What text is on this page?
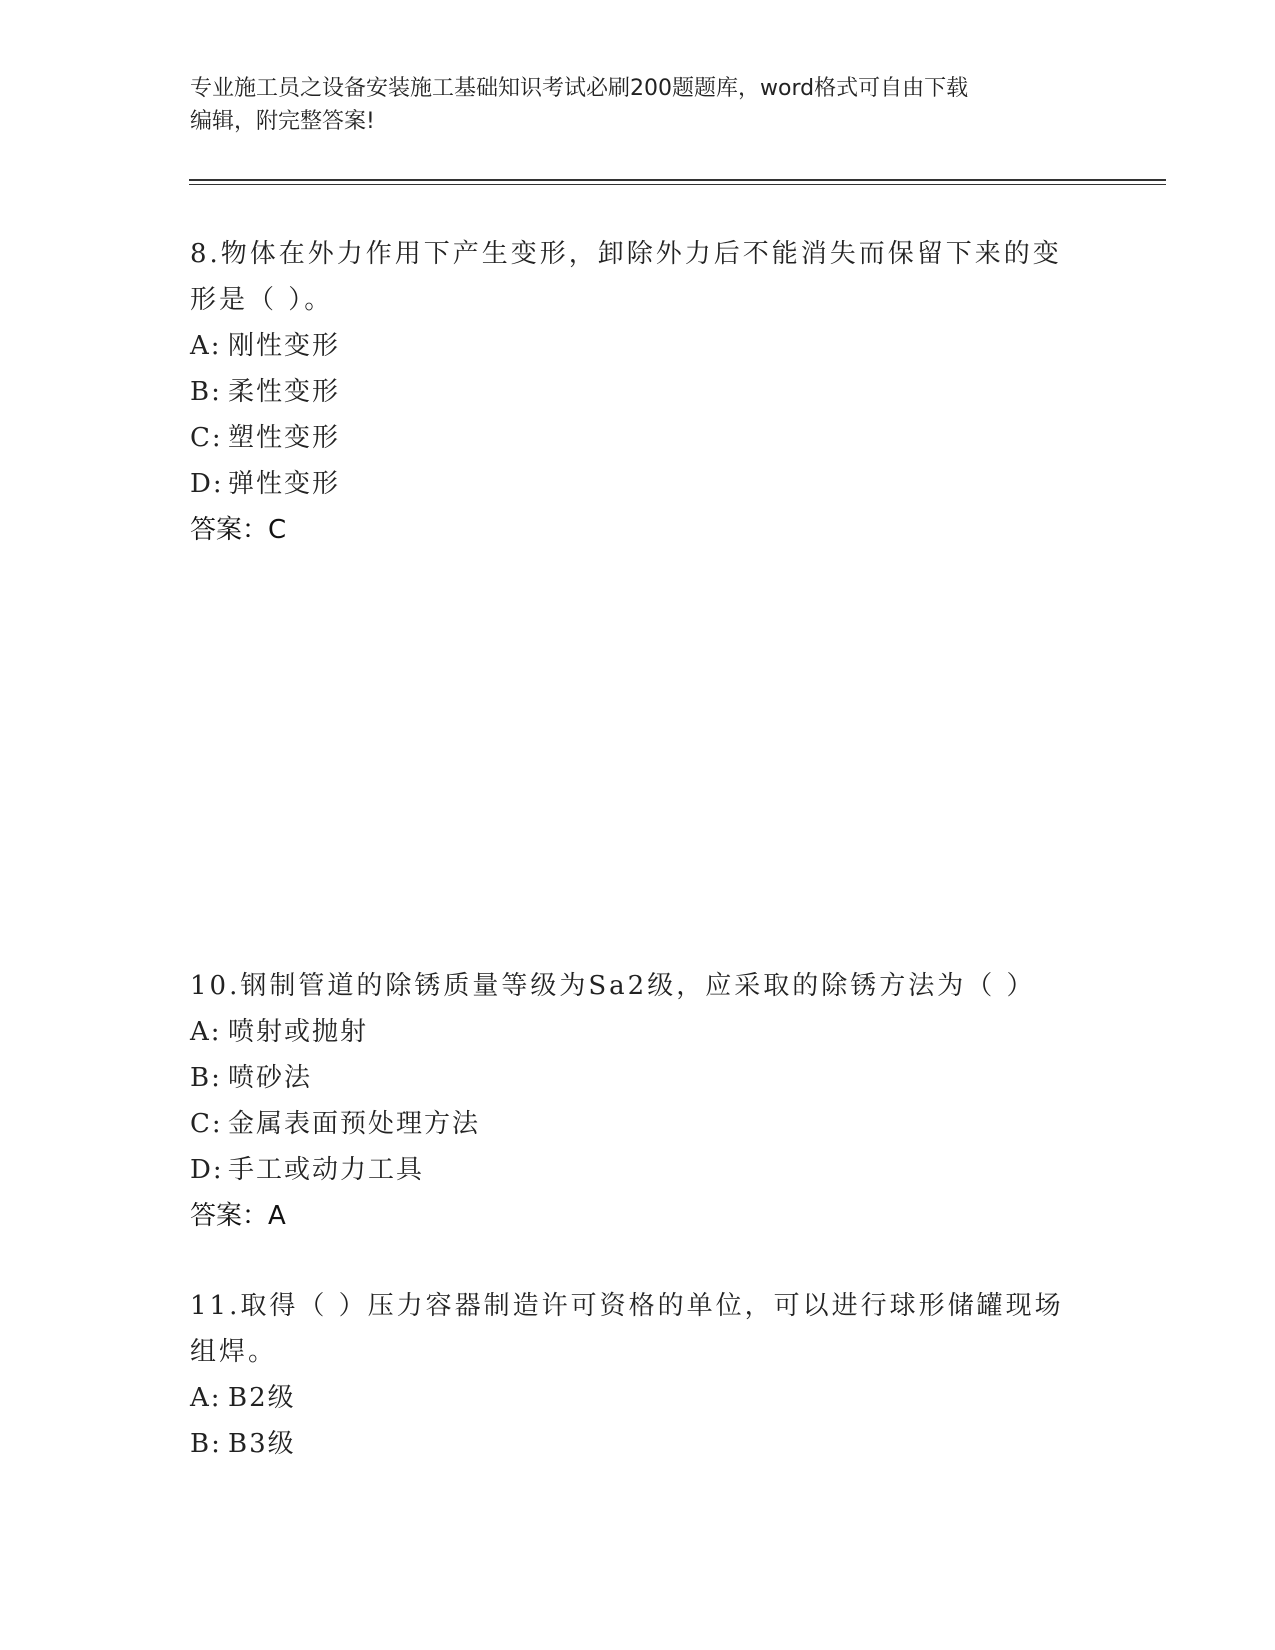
专业施工员之设备安装施工基础知识考试必刷200题题库，word格式可自由下载
编辑，附完整答案!
8.物体在外力作用下产生变形，卸除外力后不能消失而保留下来的变
形是（ ）。
A: 刚性变形
B: 柔性变形
C: 塑性变形
D: 弹性变形
答案：C
10.钢制管道的除锈质量等级为Sa2级，应采取的除锈方法为（ ）
A: 喷射或抛射
B: 喷砂法
C: 金属表面预处理方法
D: 手工或动力工具
答案：A
11.取得（ ）压力容器制造许可资格的单位，可以进行球形储罐现场
组焊。
A: B2级
B: B3级
